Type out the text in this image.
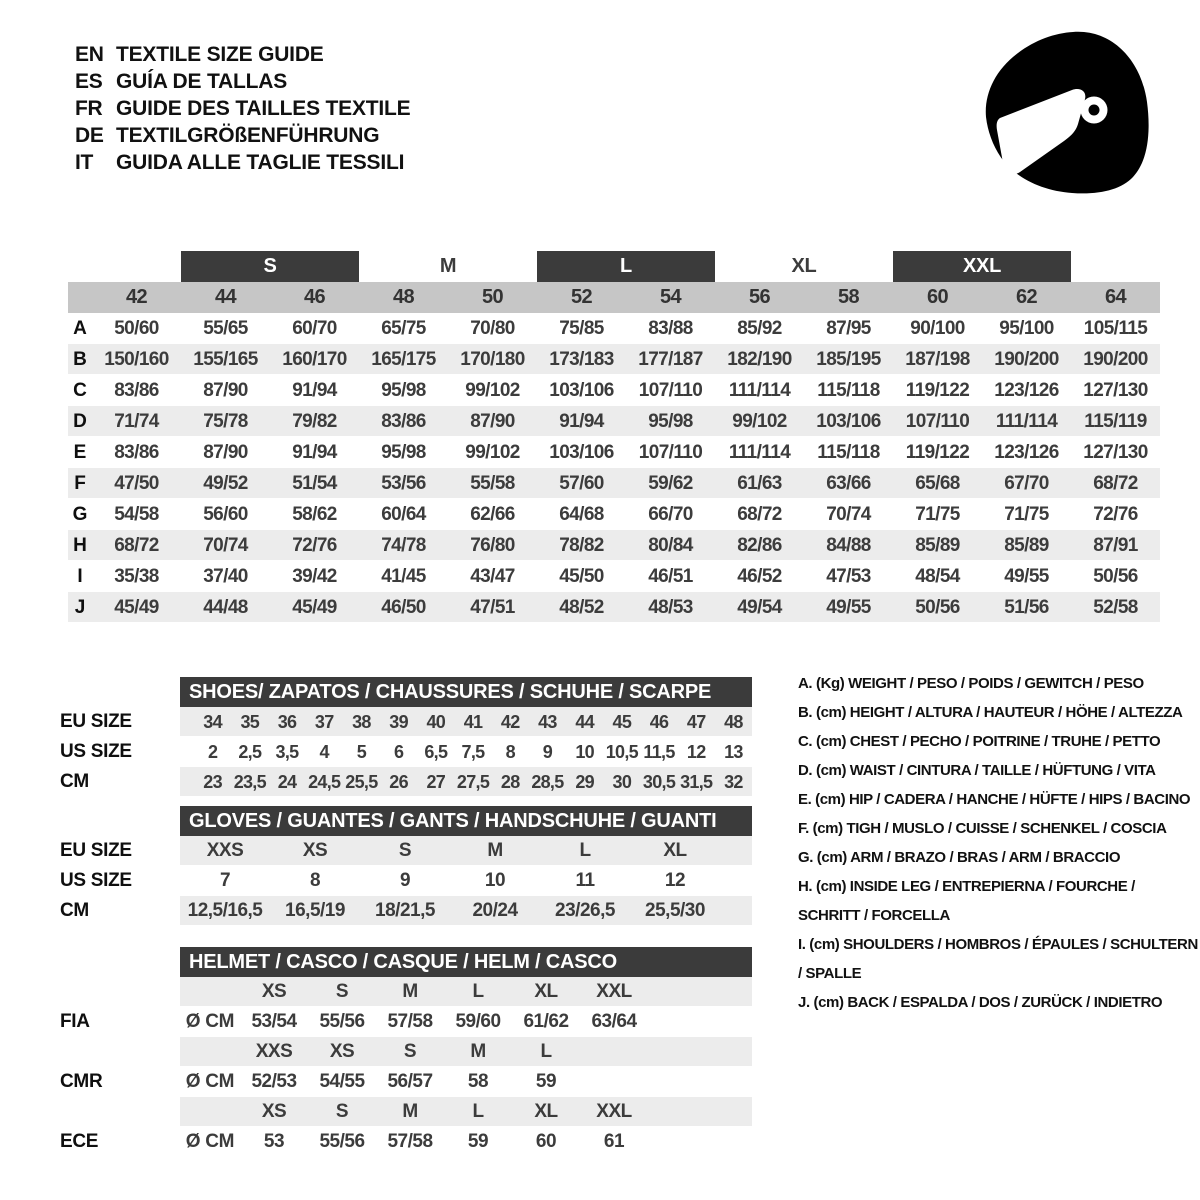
EN TEXTILE SIZE GUIDE
ES GUÍA DE TALLAS
FR GUIDE DES TAILLES TEXTILE
DE TEXTILGRÖßENFÜHRUNG
IT	GUIDA ALLE TAGLIE TESSILI
S	M	L	XL	XXL
42	44	46	48	50	52	54	56	58	60	62	64
A	50/60	55/65	60/70	65/75	70/80	75/85	83/88	85/92	87/95	90/100	95/100	105/115
B 150/160	155/165	160/170	165/175	170/180	173/183	177/187	182/190	185/195	187/198	190/200	190/200
C	83/86	87/90	91/94	95/98	99/102	103/106	107/110	111/114	115/118	119/122	123/126	127/130
D	71/74	75/78	79/82	83/86	87/90	91/94	95/98	99/102	103/106	107/110	111/114	115/119
E	83/86	87/90	91/94	95/98	99/102	103/106	107/110	111/114	115/118	119/122	123/126	127/130
F	47/50	49/52	51/54	53/56	55/58	57/60	59/62	61/63	63/66	65/68	67/70	68/72
G	54/58	56/60	58/62	60/64	62/66	64/68	66/70	68/72	70/74	71/75	71/75	72/76
H	68/72	70/74	72/76	74/78	76/80	78/82	80/84	82/86	84/88	85/89	85/89	87/91
I	35/38	37/40	39/42	41/45	43/47	45/50	46/51	46/52	47/53	48/54	49/55	50/56
J	45/49	44/48	45/49	46/50	47/51	48/52	48/53	49/54	49/55	50/56	51/56	52/58
SHOES/ ZAPATOS / CHAUSSURES / SCHUHE / SCARPE
EU SIZE	34	35	36	37	38	39	40	41	42	43	44	45	46	47	48
US SIZE	2	2,5 3,5	4	5	6	6,5 7,5	8	9	10 10,5 11,5 12	13
CM	23 23,5 24 24,5 25,5 26	27 27,5 28 28,5 29	30 30,5 31,5 32
GLOVES / GUANTES / GANTS / HANDSCHUHE / GUANTI
EU SIZE	XXS	XS	S	M	L	XL
US SIZE	7	8	9	10	11	12
CM	12,5/16,5	16,5/19	18/21,5	20/24	23/26,5	25,5/30
HELMET / CASCO / CASQUE / HELM / CASCO
XS	S	M	L	XL	XXL
FIA	Ø CM 53/54	55/56	57/58	59/60	61/62	63/64
XXS	XS	S	M	L
CMR	Ø CM 52/53	54/55	56/57	58	59
XS	S	M	L	XL	XXL
ECE	Ø CM	53	55/56	57/58	59	60	61
A. (Kg) WEIGHT / PESO / POIDS / GEWITCH / PESO
B. (cm) HEIGHT / ALTURA / HAUTEUR / HÖHE / ALTEZZA
C. (cm) CHEST / PECHO / POITRINE / TRUHE / PETTO
D. (cm) WAIST / CINTURA / TAILLE / HÜFTUNG / VITA
E. (cm) HIP / CADERA / HANCHE / HÜFTE / HIPS / BACINO
F. (cm) TIGH / MUSLO / CUISSE / SCHENKEL / COSCIA
G. (cm) ARM / BRAZO / BRAS / ARM / BRACCIO
H. (cm) INSIDE LEG / ENTREPIERNA / FOURCHE / SCHRITT / FORCELLA
I. (cm) SHOULDERS / HOMBROS / ÉPAULES / SCHULTERN / SPALLE
J. (cm) BACK / ESPALDA / DOS / ZURÜCK / INDIETRO
